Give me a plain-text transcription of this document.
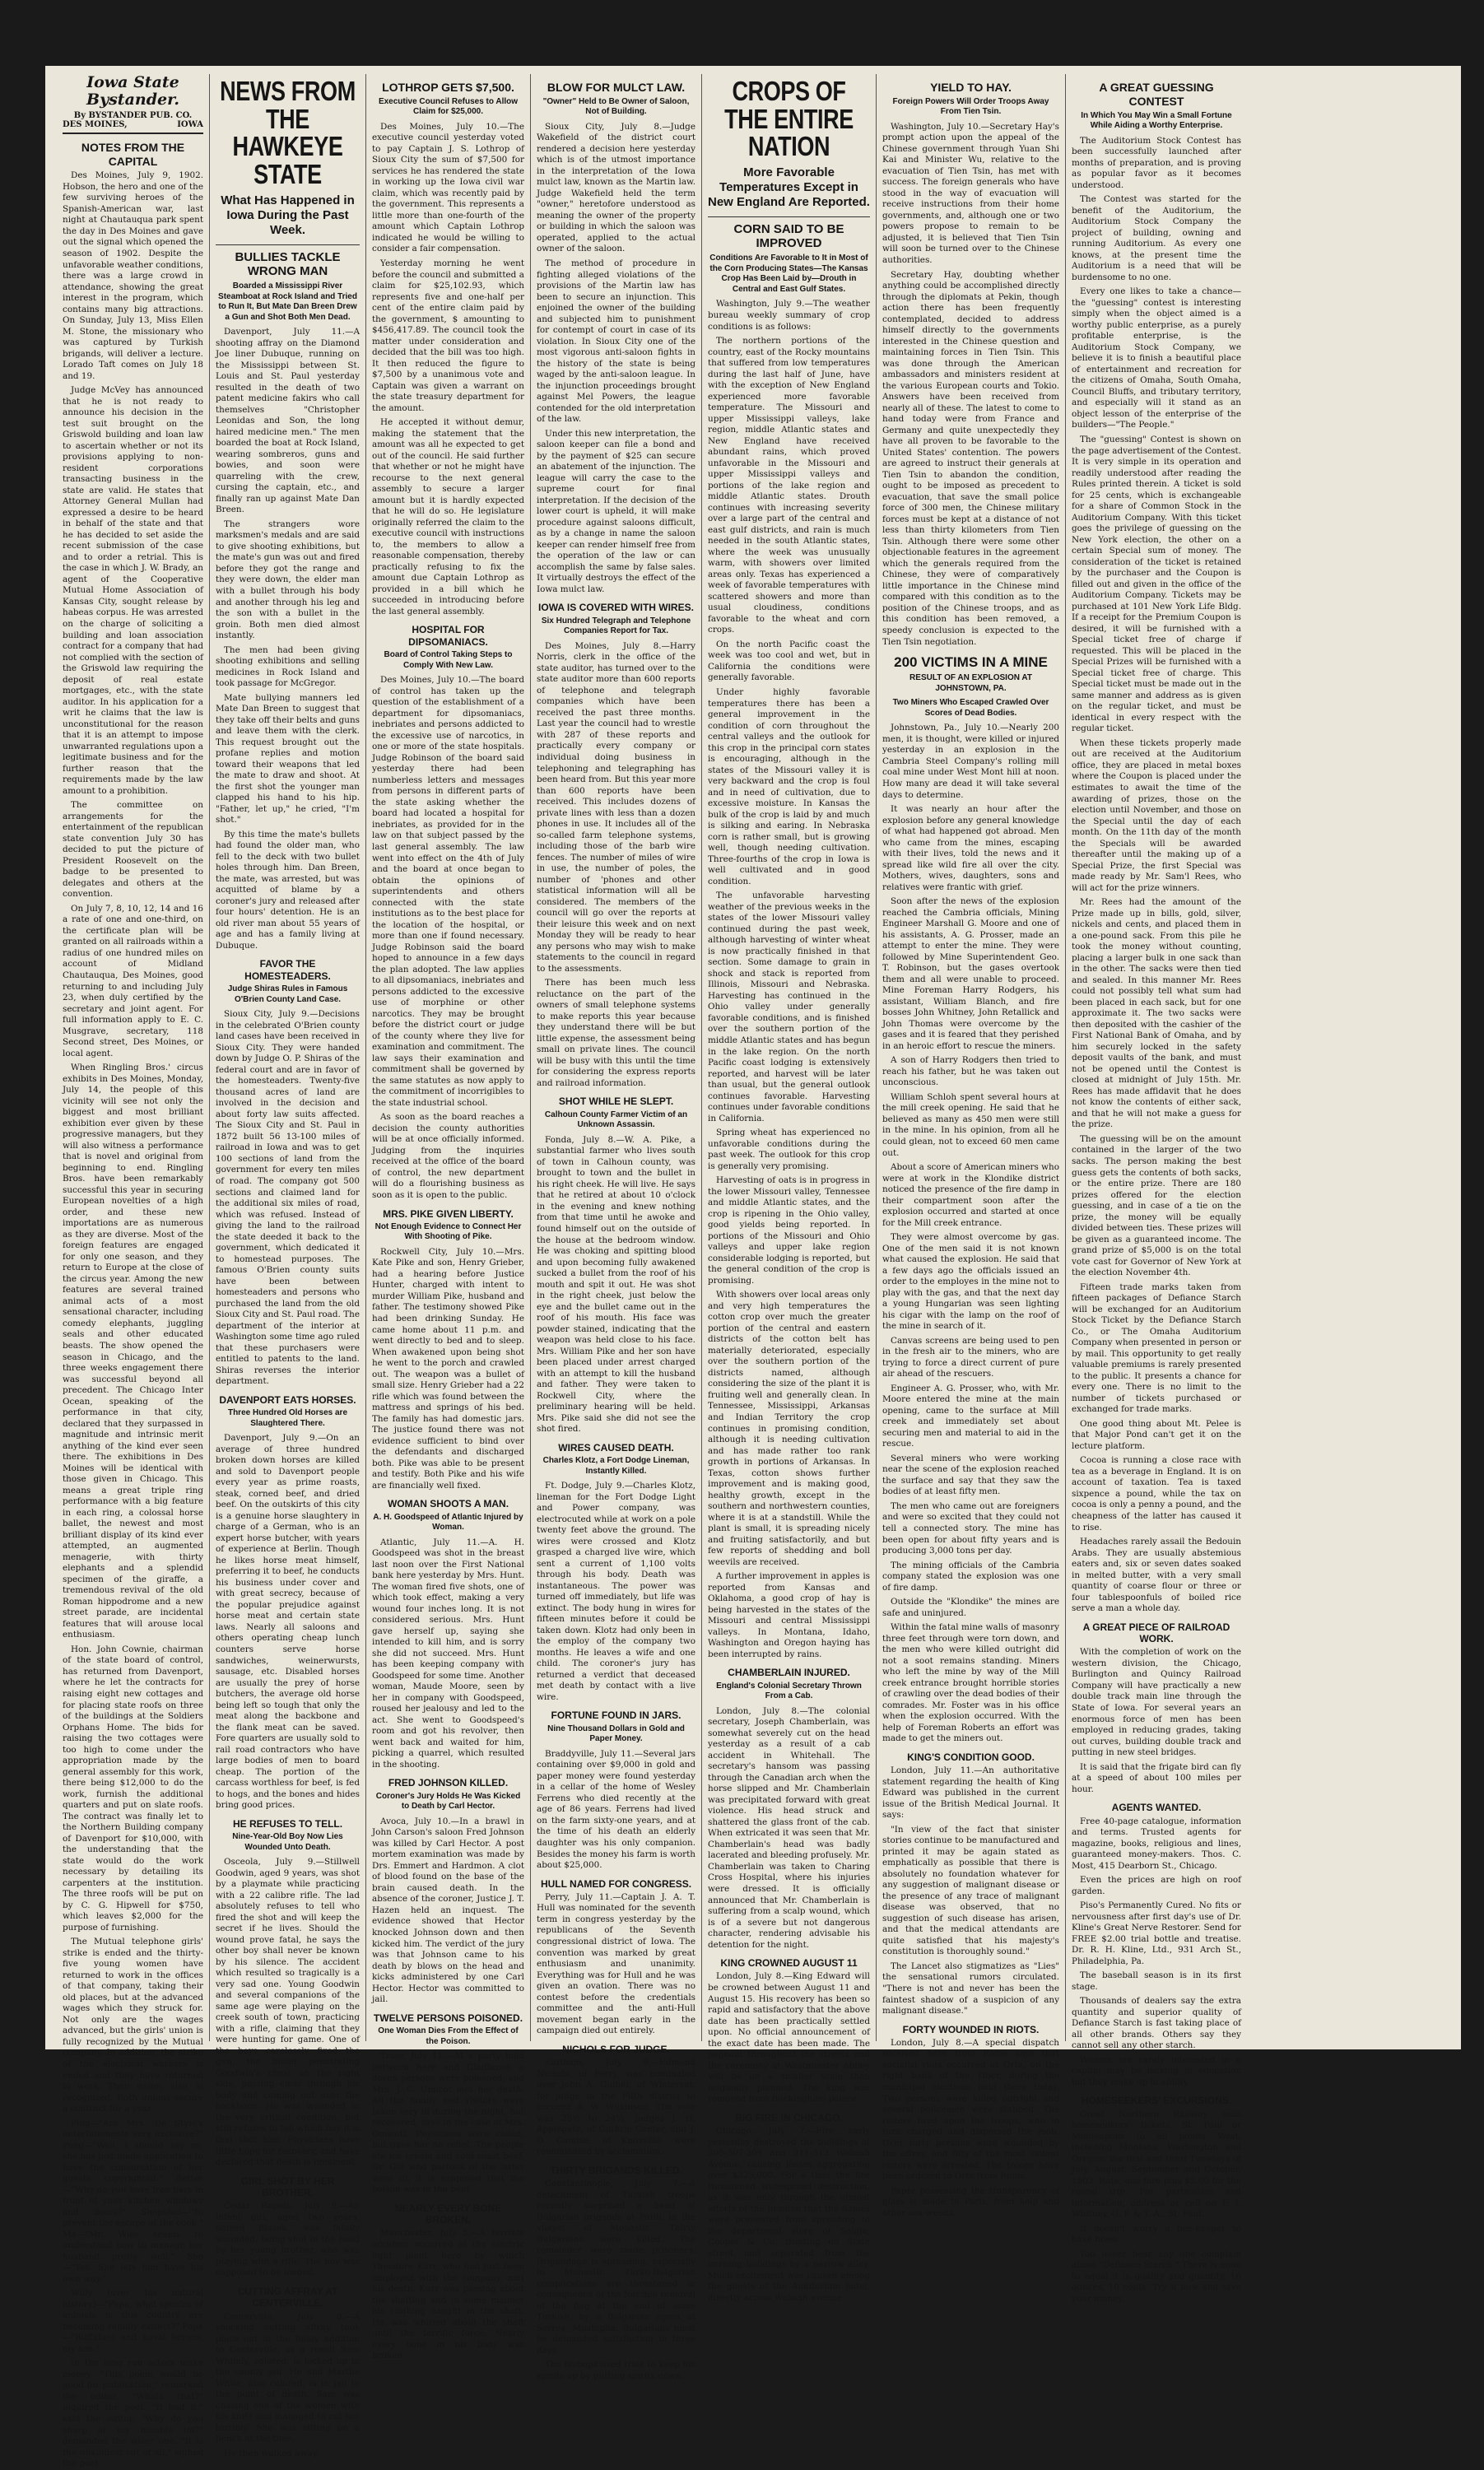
Iowa State Bystander.
By BYSTANDER PUB. CO.
DES MOINES,	IOWA
NOTES FROM THE CAPITAL

Des Moines, July 9, 1902. Hobson, the hero and one of the few surviving heroes of the Spanish-American war, last night at Chautauqua park spent the day in Des Moines and gave out the signal which opened the season of 1902. Despite the unfavorable weather conditions, there was a large crowd in attendance, showing the great interest in the program, which contains many big attractions. On Sunday, July 13, Miss Ellen M. Stone, the missionary who was captured by Turkish brigands, will deliver a lecture. Lorado Taft comes on July 18 and 19.

Judge McVey has announced that he is not ready to announce his decision in the test suit brought on the Griswold building and loan law to ascertain whether or not its provisions applying to non-resident corporations transacting business in the state are valid. He states that Attorney General Mullan had expressed a desire to be heard in behalf of the state and that he has decided to set aside the recent submission of the case and to order a retrial. This is the case in which J. W. Brady, an agent of the Cooperative Mutual Home Association of Kansas City, sought release by habeas corpus. He was arrested on the charge of soliciting a building and loan association contract for a company that had not complied with the section of the Griswold law requiring the deposit of real estate mortgages, etc., with the state auditor. In his application for a writ he claims that the law is unconstitutional for the reason that it is an attempt to impose unwarranted regulations upon a legitimate business and for the further reason that the requirements made by the law amount to a prohibition.

The committee on arrangements for the entertainment of the republican state convention July 30 has decided to put the picture of President Roosevelt on the badge to be presented to delegates and others at the convention.

On July 7, 8, 10, 12, 14 and 16 a rate of one and one-third, on the certificate plan will be granted on all railroads within a radius of one hundred miles on account of Midland Chautauqua, Des Moines, good returning to and including July 23, when duly certified by the secretary and joint agent. For full information apply to E. C. Musgrave, secretary, 118 Second street, Des Moines, or local agent.

When Ringling Bros.' circus exhibits in Des Moines, Monday, July 14, the people of this vicinity will see not only the biggest and most brilliant exhibition ever given by these progressive managers, but they will also witness a performance that is novel and original from beginning to end. Ringling Bros. have been remarkably successful this year in securing European novelties of a high order, and these new importations are as numerous as they are diverse. Most of the foreign features are engaged for only one season, and they return to Europe at the close of the circus year. Among the new features are several trained animal acts of a most sensational character, including comedy elephants, juggling seals and other educated beasts. The show opened the season in Chicago, and the three weeks engagement there was successful beyond all precedent. The Chicago Inter Ocean, speaking of the performance in that city, declared that they surpassed in magnitude and intrinsic merit anything of the kind ever seen there. The exhibitions in Des Moines will be identical with those given in Chicago. This means a great triple ring performance with a big feature in each ring, a colossal horse ballet, the newest and most brilliant display of its kind ever attempted, an augmented menagerie, with thirty elephants and a splendid specimen of the giraffe, a tremendous revival of the old Roman hippodrome and a new street parade, are incidental features that will arouse local enthusiasm.

Hon. John Cownie, chairman of the state board of control, has returned from Davenport, where he let the contracts for raising eight new cottages and for placing state roofs on three of the buildings at the Soldiers Orphans Home. The bids for raising the two cottages were too high to come under the appropriation made by the general assembly for this work, there being $12,000 to do the work, furnish the additional quarters and put on slate roofs. The contract was finally let to the Northern Building company of Davenport for $10,000, with the understanding that the state would do the work necessary by detailing its carpenters at the institution. The three roofs will be put on by C. G. Hipwell for $750, which leaves $2,000 for the purpose of furnishing.

The Mutual telephone girls' strike is ended and the thirty-five young women have returned to work in the offices of that company, taking their old places, but at the advanced wages which they struck for. Not only are the wages advanced, but the girls' union is fully recognized by the Mutual company. In addition, the strike of the electrical workers is ended and they have returned to work. Their union, also, is recognized. Both unions secure a contract for a year.

Ping—"Are Mrs. De Style's entertainments very exclusive?" Pong—"Well, I should say so; she has just made application to have the conversation of her guests copyrighted." Better—"Why do you have iron bars in front of your kitchen windows and doors?" Shopshel—"To prevent the escape of the cook." Ma—"Mr. Wise seems to understand how to manage her husband pretty well." She—"Yes. She lets him have his own way."

Willy (over his natural history)—"Papa, what species of animals is this country are becoming rapidly extinct?" Papa—"Buffaloes and naval heroes, my son."

In the long run actors make money. "This poem would be good for publication," remarked the editor. "Whats that?" inquired the poet. "It had it," said the editor. "Why do you sharp at my humble lot?" demanded the wiser one. "It is the unkindest cut of all," sighed the poet.

NEWS FROM THE HAWKEYE STATE
What Has Happened in Iowa During the Past Week.
BULLIES TACKLE WRONG MAN
Boarded a Mississippi River Steamboat at Rock Island and Tried to Run It, But Mate Dan Breen Drew a Gun and Shot Both Men Dead.

Davenport, July 11.—A shooting affray on the Diamond Joe liner Dubuque, running on the Mississippi between St. Louis and St. Paul yesterday resulted in the death of two patent medicine fakirs who call themselves "Christopher Leonidas and Son, the long haired medicine men." The men boarded the boat at Rock Island, wearing sombreros, guns and bowies, and soon were quarreling with the crew, cursing the captain, etc., and finally ran up against Mate Dan Breen.

The strangers wore marksmen's medals and are said to give shooting exhibitions, but the mate's gun was out and fired before they got the range and they were down, the elder man with a bullet through his body and another through his leg and the son with a bullet in the groin. Both men died almost instantly.

The men had been giving shooting exhibitions and selling medicines in Rock Island and took passage for McGregor.

Mate bullying manners led Mate Dan Breen to suggest that they take off their belts and guns and leave them with the clerk. This request brought out the profane replies and motion toward their weapons that led the mate to draw and shoot. At the first shot the younger man clapped his hand to his hip. "Father, let up," he cried, "I'm shot."

By this time the mate's bullets had found the older man, who fell to the deck with two bullet holes through him. Dan Breen, the mate, was arrested, but was acquitted of blame by a coroner's jury and released after four hours' detention. He is an old river man about 55 years of age and has a family living at Dubuque.

FAVOR THE HOMESTEADERS.
Judge Shiras Rules in Famous O'Brien County Land Case.

Sioux City, July 9.—Decisions in the celebrated O'Brien county land cases have been received in Sioux City. They were handed down by Judge O. P. Shiras of the federal court and are in favor of the homesteaders. Twenty-five thousand acres of land are involved in the decision and about forty law suits affected. The Sioux City and St. Paul in 1872 built 56 13-100 miles of railroad in Iowa and was to get 100 sections of land from the government for every ten miles of road. The company got 500 sections and claimed land for the additional six miles of road, which was refused. Instead of giving the land to the railroad the state deeded it back to the government, which dedicated it to homestead purposes. The famous O'Brien county suits have been between homesteaders and persons who purchased the land from the old Sioux City and St. Paul road. The department of the interior at Washington some time ago ruled that these purchasers were entitled to patents to the land. Shiras reverses the interior department.

DAVENPORT EATS HORSES.
Three Hundred Old Horses are Slaughtered There.

Davenport, July 9.—On an average of three hundred broken down horses are killed and sold to Davenport people every year as prime roasts, steak, corned beef, and dried beef. On the outskirts of this city is a genuine horse slaughtery in charge of a German, who is an expert horse butcher, with years of experience at Berlin. Though he likes horse meat himself, preferring it to beef, he conducts his business under cover and with great secrecy, because of the popular prejudice against horse meat and certain state laws. Nearly all saloons and others operating cheap lunch counters serve horse sandwiches, weinerwursts, sausage, etc. Disabled horses are usually the prey of horse butchers, the average old horse being left so tough that only the meat along the backbone and the flank meat can be saved. Fore quarters are usually sold to rail road contractors who have large bodies of men to board cheap. The portion of the carcass worthless for beef, is fed to hogs, and the bones and hides bring good prices.

HE REFUSES TO TELL.
Nine-Year-Old Boy Now Lies Wounded Unto Death.

Osceola, July 9.—Stillwell Goodwin, aged 9 years, was shot by a playmate while practicing with a 22 calibre rifle. The lad absolutely refuses to tell who fired the shot and will keep the secret if he lives. Should the wound prove fatal, he says the other boy shall never be known by his silence. The accident which resulted so tragically is a very sad one. Young Goodwin and several companions of the same age were playing on the creek south of town, practicing with a rifle, claiming that they were hunting for game. One of the boys carelessly fired the gun, the bullet penetrating Goodwin's chest on the right side, passing clear through his body and coming out near the backbone. He was wounded in the very critical condition, but still refuses to tell which boy it is that shot him. Physicians have little hope for recovery, and have declared that death is imminent.

GIRL SHOT BY HER BROTHER.

Cedar Rapids, July 9.—An infant girl, aged two years, named Blazek, was fatally wounded, being shot in the head by her young brother, who was playing with a rifle. The boy was supposed to be loaded.

CUTTING AFFRAY AT CENTERVILLE.

Centerville, July 8.—A shocking cutting affray took place out in the Relay addition to Centerville, as a result Sam Whitely, colored, is locked up in the county jail. He and Marthe White, also colored, is in jail to the point of death. Sam was chasing one of the women with his knife and managed to cut her terribly. She was sitting on a bench at the time.

He then walked away.

LOTHROP GETS $7,500.
Executive Council Refuses to Allow Claim for $25,000.

Des Moines, July 10.—The executive council yesterday voted to pay Captain J. S. Lothrop of Sioux City the sum of $7,500 for services he has rendered the state in working up the Iowa civil war claim, which was recently paid by the government. This represents a little more than one-fourth of the amount which Captain Lothrop indicated he would be willing to consider a fair compensation.

Yesterday morning he went before the council and submitted a claim for $25,102.93, which represents five and one-half per cent of the entire claim paid by the government, $ amounting to $456,417.89. The council took the matter under consideration and decided that the bill was too high. It then reduced the figure to $7,500 by a unanimous vote and Captain was given a warrant on the state treasury department for the amount.

He accepted it without demur, making the statement that the amount was all he expected to get out of the council. He said further that whether or not he might have recourse to the next general assembly to secure a larger amount but it is hardly expected that he will do so. He legislature originally referred the claim to the executive council with instructions to, the members to allow a reasonable compensation, thereby practically refusing to fix the amount due Captain Lothrop as provided in a bill which he succeeded in introducing before the last general assembly.

HOSPITAL FOR DIPSOMANIACS.
Board of Control Taking Steps to Comply With New Law.

Des Moines, July 10.—The board of control has taken up the question of the establishment of a department for dipsomaniacs, inebriates and persons addicted to the excessive use of narcotics, in one or more of the state hospitals. Judge Robinson of the board said yesterday there had been numberless letters and messages from persons in different parts of the state asking whether the board had located a hospital for inebriates, as provided for in the law on that subject passed by the last general assembly. The law went into effect on the 4th of July and the board at once began to obtain the opinions of superintendents and others connected with the state institutions as to the best place for the location of the hospital, or more than one if found necessary. Judge Robinson said the board hoped to announce in a few days the plan adopted. The law applies to all dipsomaniacs, inebriates and persons addicted to the excessive use of morphine or other narcotics. They may be brought before the district court or judge of the county where they live for examination and commitment. The law says their examination and commitment shall be governed by the same statutes as now apply to the commitment of incorrigibles to the state industrial school.

As soon as the board reaches a decision the county authorities will be at once officially informed. Judging from the inquiries received at the office of the board of control, the new department will do a flourishing business as soon as it is open to the public.

MRS. PIKE GIVEN LIBERTY.
Not Enough Evidence to Connect Her With Shooting of Pike.

Rockwell City, July 10.—Mrs. Kate Pike and son, Henry Grieber, had a hearing before Justice Hunter, charged with intent to murder William Pike, husband and father. The testimony showed Pike had been drinking Sunday. He came home about 11 p.m. and went directly to bed and to sleep. When awakened upon being shot he went to the porch and crawled out. The weapon was a bullet of small size. Henry Grieber had a 22 rifle which was found between the mattress and springs of his bed. The family has had domestic jars. The justice found there was not evidence sufficient to bind over the defendants and discharged both. Pike was able to be present and testify. Both Pike and his wife are financially well fixed.

WOMAN SHOOTS A MAN.
A. H. Goodspeed of Atlantic Injured by Woman.

Atlantic, July 11.—A. H. Goodspeed was shot in the breast last noon over the First National bank here yesterday by Mrs. Hunt. The woman fired five shots, one of which took effect, making a very wound four inches long. It is not considered serious. Mrs. Hunt gave herself up, saying she intended to kill him, and is sorry she did not succeed. Mrs. Hunt has been keeping company with Goodspeed for some time. Another woman, Maude Moore, seen by her in company with Goodspeed, roused her jealousy and led to the act. She went to Goodspeed's room and got his revolver, then went back and waited for him, picking a quarrel, which resulted in the shooting.

FRED JOHNSON KILLED.
Coroner's Jury Holds He Was Kicked to Death by Carl Hector.

Avoca, July 10.—In a brawl in John Carson's saloon Fred Johnson was killed by Carl Hector. A post mortem examination was made by Drs. Emmert and Hardmon. A clot of blood found on the base of the brain caused death. In the absence of the coroner, Justice J. T. Hazen held an inquest. The evidence showed that Hector knocked Johnson down and then kicked him. The verdict of the jury was that Johnson came to his death by blows on the head and kicks administered by one Carl Hector. Hector was committed to jail.

TWELVE PERSONS POISONED.
One Woman Dies From the Effect of the Poison.

Traer, July 11.—At a party held between here and Gladbrook a dozen persons were poisoned, and Mrs. J. C. Umicot met her death. All the family and visitors were taken very ill during the night, but recovered, save in the case of Mrs. Omicott. Physicians were called, but gave her no relief. The people ate ice cream and cold roast beef. Dr. Gill who partook of the latter were ill, it is supposed that the poison was in the beef.

NEARLY EVERY BONE BROKEN.

Manchester, July 5.—A terrible accident occurred at the electric light plant here by which Theodore Kurr, who had just been employed with the company, met his death. Kurr was passing about the shafting and in some manner his clothing caught in the shaft. He was whirled about the shaft until the terrific force. Nearly every bone in his body was broken.

BLOW FOR MULCT LAW.
"Owner" Held to Be Owner of Saloon, Not of Building.

Sioux City, July 8.—Judge Wakefield of the district court rendered a decision here yesterday which is of the utmost importance in the interpretation of the Iowa mulct law, known as the Martin law. Judge Wakefield held the term "owner," heretofore understood as meaning the owner of the property or building in which the saloon was operated, applied to the actual owner of the saloon.

The method of procedure in fighting alleged violations of the provisions of the Martin law has been to secure an injunction. This enjoined the owner of the building and subjected him to punishment for contempt of court in case of its violation. In Sioux City one of the most vigorous anti-saloon fights in the history of the state is being waged by the anti-saloon league. In the injunction proceedings brought against Mel Powers, the league contended for the old interpretation of the law.

Under this new interpretation, the saloon keeper can file a bond and by the payment of $25 can secure an abatement of the injunction. The league will carry the case to the supreme court for final interpretation. If the decision of the lower court is upheld, it will make procedure against saloons difficult, as by a change in name the saloon keeper can render himself free from the operation of the law or can accomplish the same by false sales. It virtually destroys the effect of the Iowa mulct law.

IOWA IS COVERED WITH WIRES.
Six Hundred Telegraph and Telephone Companies Report for Tax.

Des Moines, July 8.—Harry Norris, clerk in the office of the state auditor, has turned over to the state auditor more than 600 reports of telephone and telegraph companies which have been received the past three months. Last year the council had to wrestle with 287 of these reports and practically every company or individual doing business in telephoning and telegraphing has been heard from. But this year more than 600 reports have been received. This includes dozens of private lines with less than a dozen phones in use. It includes all of the so-called farm telephone systems, including those of the barb wire fences. The number of miles of wire in use, the number of poles, the number of 'phones and other statistical information will all be considered. The members of the council will go over the reports at their leisure this week and on next Monday they will be ready to hear any persons who may wish to make statements to the council in regard to the assessments.

There has been much less reluctance on the part of the owners of small telephone systems to make reports this year because they understand there will be but little expense, the assessment being small on private lines. The council will be busy with this until the time for considering the express reports and railroad information.

SHOT WHILE HE SLEPT.
Calhoun County Farmer Victim of an Unknown Assassin.

Fonda, July 8.—W. A. Pike, a substantial farmer who lives south of town in Calhoun county, was brought to town and the bullet in his right cheek. He will live. He says that he retired at about 10 o'clock in the evening and knew nothing from that time until he awoke and found himself out on the outside of the house at the bedroom window. He was choking and spitting blood and upon becoming fully awakened sucked a bullet from the roof of his mouth and spit it out. He was shot in the right cheek, just below the eye and the bullet came out in the roof of his mouth. His face was powder stained, indicating that the weapon was held close to his face. Mrs. William Pike and her son have been placed under arrest charged with an attempt to kill the husband and father. They were taken to Rockwell City, where the preliminary hearing will be held. Mrs. Pike said she did not see the shot fired.

WIRES CAUSED DEATH.
Charles Klotz, a Fort Dodge Lineman, Instantly Killed.

Ft. Dodge, July 9.—Charles Klotz, lineman for the Fort Dodge Light and Power company, was electrocuted while at work on a pole twenty feet above the ground. The wires were crossed and Klotz grasped a charged live wire, which sent a current of 1,100 volts through his body. Death was instantaneous. The power was turned off immediately, but life was extinct. The body hung in wires for fifteen minutes before it could be taken down. Klotz had only been in the employ of the company two months. He leaves a wife and one child. The coroner's jury has returned a verdict that deceased met death by contact with a live wire.

FORTUNE FOUND IN JARS.
Nine Thousand Dollars in Gold and Paper Money.

Braddyville, July 11.—Several jars containing over $9,000 in gold and paper money were found yesterday in a cellar of the home of Wesley Ferrens who died recently at the age of 86 years. Ferrens had lived on the farm sixty-one years, and at the time of his death an elderly daughter was his only companion. Besides the money his farm is worth about $25,000.

HULL NAMED FOR CONGRESS.

Perry, July 11.—Captain J. A. T. Hull was nominated for the seventh term in congress yesterday by the republicans of the Seventh congressional district of Iowa. The convention was marked by great enthusiasm and unanimity. Everything was for Hull and he was given an ovation. There was no contest before the credentials committee and the anti-Hull movement began early in the campaign died out entirely.

NICHOLS FOR JUDGE.

Earlham, July 9.—Edmond Nichols, of Perry, was nominated over John A. Guiher, of Winterset, for judge in the Fifth district to succeed A. W. Wilkinson. The vote was 25½ to 24½. Judges J. H. Applegate, of Guthrie Center, and J. D. Gamble, of Knoxville, were renominated by acclamation.

THIRTY BRIGANDS KILLED.

Constantinople, July 7.—A detachment of Turkish troops recently surprised a band of Bulgarian brigands at Patili, in the vilayet of Monastir. Thirty Bulgarians were killed. The remainder were made prisoners. Brigandage is spreading, especially in Monastir. Turko-Bulgarian complications are threatened in consequence of the forcible removal of the flag at the end of some Turkish, by a Bulgarian agent at Serres, Mustapha. Bulgarians must be demanded satisfaction in three days.

The bishops used tries to keep his spirits up by putting spirits down.

CROPS OF THE ENTIRE NATION
More Favorable Temperatures Except in New England Are Reported.
CORN SAID TO BE IMPROVED
Conditions Are Favorable to It in Most of the Corn Producing States—The Kansas Crop Has Been Laid by—Drouth in Central and East Gulf States.

Washington, July 9.—The weather bureau weekly summary of crop conditions is as follows:

The northern portions of the country, east of the Rocky mountains that suffered from low temperatures during the last half of June, have with the exception of New England experienced more favorable temperature. The Missouri and upper Mississippi valleys, lake region, middle Atlantic states and New England have received abundant rains, which proved unfavorable in the Missouri and upper Mississippi valleys and portions of the lake region and middle Atlantic states. Drouth continues with increasing severity over a large part of the central and east gulf districts, and rain is much needed in the south Atlantic states, where the week was unusually warm, with showers over limited areas only. Texas has experienced a week of favorable temperatures with scattered showers and more than usual cloudiness, conditions favorable to the wheat and corn crops.

On the north Pacific coast the week was too cool and wet, but in California the conditions were generally favorable.

Under highly favorable temperatures there has been a general improvement in the condition of corn throughout the central valleys and the outlook for this crop in the principal corn states is encouraging, although in the states of the Missouri valley it is very backward and the crop is foul and in need of cultivation, due to excessive moisture. In Kansas the bulk of the crop is laid by and much is silking and earing. In Nebraska corn is rather small, but is growing well, though needing cultivation. Three-fourths of the crop in Iowa is well cultivated and in good condition.

The unfavorable harvesting weather of the previous weeks in the states of the lower Missouri valley continued during the past week, although harvesting of winter wheat is now practically finished in that section. Some damage to grain in shock and stack is reported from Illinois, Missouri and Nebraska. Harvesting has continued in the Ohio valley under generally favorable conditions, and is finished over the southern portion of the middle Atlantic states and has begun in the lake region. On the north Pacific coast lodging is extensively reported, and harvest will be later than usual, but the general outlook continues favorable. Harvesting continues under favorable conditions in California.

Spring wheat has experienced no unfavorable conditions during the past week. The outlook for this crop is generally very promising.

Harvesting of oats is in progress in the lower Missouri valley, Tennessee and middle Atlantic states, and the crop is ripening in the Ohio valley, good yields being reported. In portions of the Missouri and Ohio valleys and upper lake region considerable lodging is reported, but the general condition of the crop is promising.

With showers over local areas only and very high temperatures the cotton crop over much the greater portion of the central and eastern districts of the cotton belt has materially deteriorated, especially over the southern portion of the districts named, although considering the size of the plant it is fruiting well and generally clean. In Tennessee, Mississippi, Arkansas and Indian Territory the crop continues in promising condition, although it is needing cultivation and has made rather too rank growth in portions of Arkansas. In Texas, cotton shows further improvement and is making good, healthy growth, except in the southern and northwestern counties, where it is at a standstill. While the plant is small, it is spreading nicely and fruiting satisfactorily, and but few reports of shedding and boll weevils are received.

A further improvement in apples is reported from Kansas and Oklahoma, a good crop of hay is being harvested in the states of the Missouri and central Mississippi valleys. In Montana, Idaho, Washington and Oregon haying has been interrupted by rains.

CHAMBERLAIN INJURED.
England's Colonial Secretary Thrown From a Cab.

London, July 8.—The colonial secretary, Joseph Chamberlain, was somewhat severely cut on the head yesterday as a result of a cab accident in Whitehall. The secretary's hansom was passing through the Canadian arch when the horse slipped and Mr. Chamberlain was precipitated forward with great violence. His head struck and shattered the glass front of the cab. When extricated it was seen that Mr. Chamberlain's head was badly lacerated and bleeding profusely. Mr. Chamberlain was taken to Charing Cross Hospital, where his injuries were dressed. It is officially announced that Mr. Chamberlain is suffering from a scalp wound, which is of a severe but not dangerous character, rendering advisable his detention for the night.

KING CROWNED AUGUST 11

London, July 8.—King Edward will be crowned between August 11 and August 15. His recovery has been so rapid and satisfactory that the above date has been practically settled upon. No official announcement of the exact date has been made. The pageant throughout the streets and the ceremony at Westminster Abbey will be on a smaller scale than originally planned. The king was removed from Buckingham palace.

BIG FIRE IN CHICAGO.

Chicago, July 7.—Fire early yesterday destroyed the buildings at 305-307-309 and 311-313 Wabash Avenue, causing losses aggregating over $325,000. For a time the fire threatened widespread destruction, as it was only through the utmost efforts of the firemen that the flames were prevented from spreading to the department store of Seigle, Cooper & Co. fronting on State street and separated from the burning buildings by a narrow alley. Much excitement was caused among the guests of the Auditorium hotel, directly across Wabash avenue.

YIELD TO HAY.
Foreign Powers Will Order Troops Away From Tien Tsin.

Washington, July 10.—Secretary Hay's prompt action upon the appeal of the Chinese government through Yuan Shi Kai and Minister Wu, relative to the evacuation of Tien Tsin, has met with success. The foreign generals who have stood in the way of evacuation will receive instructions from their home governments, and, although one or two powers propose to remain to be adjusted, it is believed that Tien Tsin will soon be turned over to the Chinese authorities.

Secretary Hay, doubting whether anything could be accomplished directly through the diplomats at Pekin, though action there has been frequently contemplated, decided to address himself directly to the governments interested in the Chinese question and maintaining forces in Tien Tsin. This was done through the American ambassadors and ministers resident at the various European courts and Tokio. Answers have been received from nearly all of these. The latest to come to hand today were from France and Germany and quite unexpectedly they have all proven to be favorable to the United States' contention. The powers are agreed to instruct their generals at Tien Tsin to abandon the condition, ought to be imposed as precedent to evacuation, that save the small police force of 300 men, the Chinese military forces must be kept at a distance of not less than thirty kilometers from Tien Tsin. Although there were some other objectionable features in the agreement which the generals required from the Chinese, they were of comparatively little importance in the Chinese mind compared with this condition as to the position of the Chinese troops, and as this condition has been removed, a speedy conclusion is expected to the Tien Tsin negotiation.

200 VICTIMS IN A MINE
RESULT OF AN EXPLOSION AT JOHNSTOWN, PA.
Two Miners Who Escaped Crawled Over Scores of Dead Bodies.

Johnstown, Pa., July 10.—Nearly 200 men, it is thought, were killed or injured yesterday in an explosion in the Cambria Steel Company's rolling mill coal mine under West Mont hill at noon. How many are dead it will take several days to determine.

It was nearly an hour after the explosion before any general knowledge of what had happened got abroad. Men who came from the mines, escaping with their lives, told the news and it spread like wild fire all over the city. Mothers, wives, daughters, sons and relatives were frantic with grief.

Soon after the news of the explosion reached the Cambria officials, Mining Engineer Marshall G. Moore and one of his assistants, A. G. Prosser, made an attempt to enter the mine. They were followed by Mine Superintendent Geo. T. Robinson, but the gases overtook them and all were unable to proceed. Mine Foreman Harry Rodgers, his assistant, William Blanch, and fire bosses John Whitney, John Retallick and John Thomas were overcome by the gases and it is feared that they perished in an heroic effort to rescue the miners.

A son of Harry Rodgers then tried to reach his father, but he was taken out unconscious.

William Schloh spent several hours at the mill creek opening. He said that he believed as many as 450 men were still in the mine. In his opinion, from all he could glean, not to exceed 60 men came out.

About a score of American miners who were at work in the Klondike district noticed the presence of the fire damp in their compartment soon after the explosion occurred and started at once for the Mill creek entrance.

They were almost overcome by gas. One of the men said it is not known what caused the explosion. He said that a few days ago the officials issued an order to the employes in the mine not to play with the gas, and that the next day a young Hungarian was seen lighting his cigar with the lamp on the roof of the mine in search of it.

Canvas screens are being used to pen in the fresh air to the miners, who are trying to force a direct current of pure air ahead of the rescuers.

Engineer A. G. Prosser, who, with Mr. Moore entered the mine at the main opening, came to the surface at Mill creek and immediately set about securing men and material to aid in the rescue.

Several miners who were working near the scene of the explosion reached the surface and say that they saw the bodies of at least fifty men.

The men who came out are foreigners and were so excited that they could not tell a connected story. The mine has been open for about fifty years and is producing 3,000 tons per day.

The mining officials of the Cambria company stated the explosion was one of fire damp.

Outside the "Klondike" the mines are safe and uninjured.

Within the fatal mine walls of masonry three feet through were torn down, and the men who were killed outright did not a soot remains standing. Miners who left the mine by way of the Mill creek entrance brought horrible stories of crawling over the dead bodies of their comrades. Mr. Foster was in his office when the explosion occurred. With the help of Foreman Roberts an effort was made to get the miners out.

KING'S CONDITION GOOD.

London, July 11.—An authoritative statement regarding the health of King Edward was published in the current issue of the British Medical Journal. It says:

"In view of the fact that sinister stories continue to be manufactured and printed it may be again stated as emphatically as possible that there is absolutely no foundation whatever for any suggestion of malignant disease or the presence of any trace of malignant disease was observed, that no suggestion of such disease has arisen, and that the medical attendants are quite satisfied that his majesty's constitution is thoroughly sound."

The Lancet also stigmatizes as "Lies" the sensational rumors circulated. "There is not and never has been the faintest shadow of a suspicion of any malignant disease."

FORTY WOUNDED IN RIOTS.

London, July 8.—A special dispatch received here from Rome says that socialist riots occurred at Orte, on the right bank of the Tiber, during the municipal elections held there today. Two persons were killed outright and several policemen were stabbed. The rioters fired upon the troops, who in turn charged and dispersed the mob. Over forty persons were wounded by the affray, and fifty of the most violent rioters were arrested. The troops have been ordered to Orte from Rome.

Paper possessing the transparency of glass is made in Paris, from kelp and other sea-weeds.

A GREAT GUESSING CONTEST
In Which You May Win a Small Fortune While Aiding a Worthy Enterprise.

The Auditorium Stock Contest has been successfully launched after months of preparation, and is proving as popular favor as it becomes understood.

The Contest was started for the benefit of the Auditorium, the Auditorium Stock Company the project of building, owning and running Auditorium. As every one knows, at the present time the Auditorium is a need that will be burdensome to no one.

Every one likes to take a chance—the "guessing" contest is interesting simply when the object aimed is a worthy public enterprise, as a purely profitable enterprise, is the Auditorium Stock Company, we believe it is to finish a beautiful place of entertainment and recreation for the citizens of Omaha, South Omaha, Council Bluffs, and tributary territory, and especially will it stand as an object lesson of the enterprise of the builders—"The People."

The "guessing" Contest is shown on the page advertisement of the Contest. It is very simple in its operation and readily understood after reading the Rules printed therein. A ticket is sold for 25 cents, which is exchangeable for a share of Common Stock in the Auditorium Company. With this ticket goes the privilege of guessing on the New York election, the other on a certain Special sum of money. The consideration of the ticket is retained by the purchaser and the Coupon is filled out and given in the office of the Auditorium Company. Tickets may be purchased at 101 New York Life Bldg. If a receipt for the Premium Coupon is desired, it will be furnished with a Special ticket free of charge if requested. This will be placed in the Special Prizes will be furnished with a Special ticket free of charge. This Special ticket must be made out in the same manner and address as is given on the regular ticket, and must be identical in every respect with the regular ticket.

When these tickets properly made out are received at the Auditorium office, they are placed in metal boxes where the Coupon is placed under the estimates to await the time of the awarding of prizes, those on the election until November, and those on the Special until the day of each month. On the 11th day of the month the Specials will be awarded thereafter until the making up of a Special Prize, the first Special was made ready by Mr. Sam'l Rees, who will act for the prize winners.

Mr. Rees had the amount of the Prize made up in bills, gold, silver, nickels and cents, and placed them in a one-pound sack. From this pile he took the money without counting, placing a larger bulk in one sack than in the other. The sacks were then tied and sealed. In this manner Mr. Rees could not possibly tell what sum had been placed in each sack, but for one approximate it. The two sacks were then deposited with the cashier of the First National Bank of Omaha, and by him securely locked in the safety deposit vaults of the bank, and must not be opened until the Contest is closed at midnight of July 15th. Mr. Rees has made affidavit that he does not know the contents of either sack, and that he will not make a guess for the prize.

The guessing will be on the amount contained in the larger of the two sacks. The person making the best guess gets the contents of both sacks, or the entire prize. There are 180 prizes offered for the election guessing, and in case of a tie on the prize, the money will be equally divided between ties. These prizes will be given as a guaranteed income. The grand prize of $5,000 is on the total vote cast for Governor of New York at the election November 4th.

Fifteen trade marks taken from fifteen packages of Defiance Starch will be exchanged for an Auditorium Stock Ticket by the Defiance Starch Co., or The Omaha Auditorium Company when presented in person or by mail. This opportunity to get really valuable premiums is rarely presented to the public. It presents a chance for every one. There is no limit to the number of tickets purchased or exchanged for trade marks.

One good thing about Mt. Pelee is that Major Pond can't get it on the lecture platform.

Cocoa is running a close race with tea as a beverage in England. It is on account of taxation. Tea is taxed sixpence a pound, while the tax on cocoa is only a penny a pound, and the cheapness of the latter has caused it to rise.

Headaches rarely assail the Bedouin Arabs. They are usually abstemious eaters and, six or seven dates soaked in melted butter, with a very small quantity of coarse flour or three or four tablespoonfuls of boiled rice serve a man a whole day.

A GREAT PIECE OF RAILROAD WORK.

With the completion of work on the western division, the Chicago, Burlington and Quincy Railroad Company will have practically a new double track main line through the State of Iowa. For several years an enormous force of men has been employed in reducing grades, taking out curves, building double track and putting in new steel bridges.

It is said that the frigate bird can fly at a speed of about 100 miles per hour.

AGENTS WANTED.

Free 40-page catalogue, information and terms. Trusted agents for magazine, books, religious and lines, guaranteed money-makers. Thos. C. Most, 415 Dearborn St., Chicago.

Even the prices are high on roof garden.

Piso's Permanently Cured. No fits or nervousness after first day's use of Dr. Kline's Great Nerve Restorer. Send for FREE $2.00 trial bottle and treatise. Dr. R. H. Kline, Ltd., 931 Arch St., Philadelphia, Pa.

The baseball season is in its first stage.

Thousands of dealers say the extra quantity and superior quality of Defiance Starch is fast taking place of all other brands. Others say they cannot sell any other starch.

Women are rarely interested in a capital may be lacking in education but they make up in ability.

HOMESEEKERS' EXCURSIONS.

Great Northern Railway sells homeseekers' tickets, St. Paul or Minneapolis to all points West, including Montana, Washington and Oregon, the first and third Tuesdays of July, August, September and October, 1902. Rate, one fare plus $2.00 for the round trip. For particulars and information, address or call on F. I. Whitney, G. P. & T. A., St. Paul.

It doesn't worry a bee-keeper to have hives.

You never hear any one complain about "Defiance Starch." There is none to equal it in quality and quantity, 16 ounces, 10 cents. Try it now and save your money.
